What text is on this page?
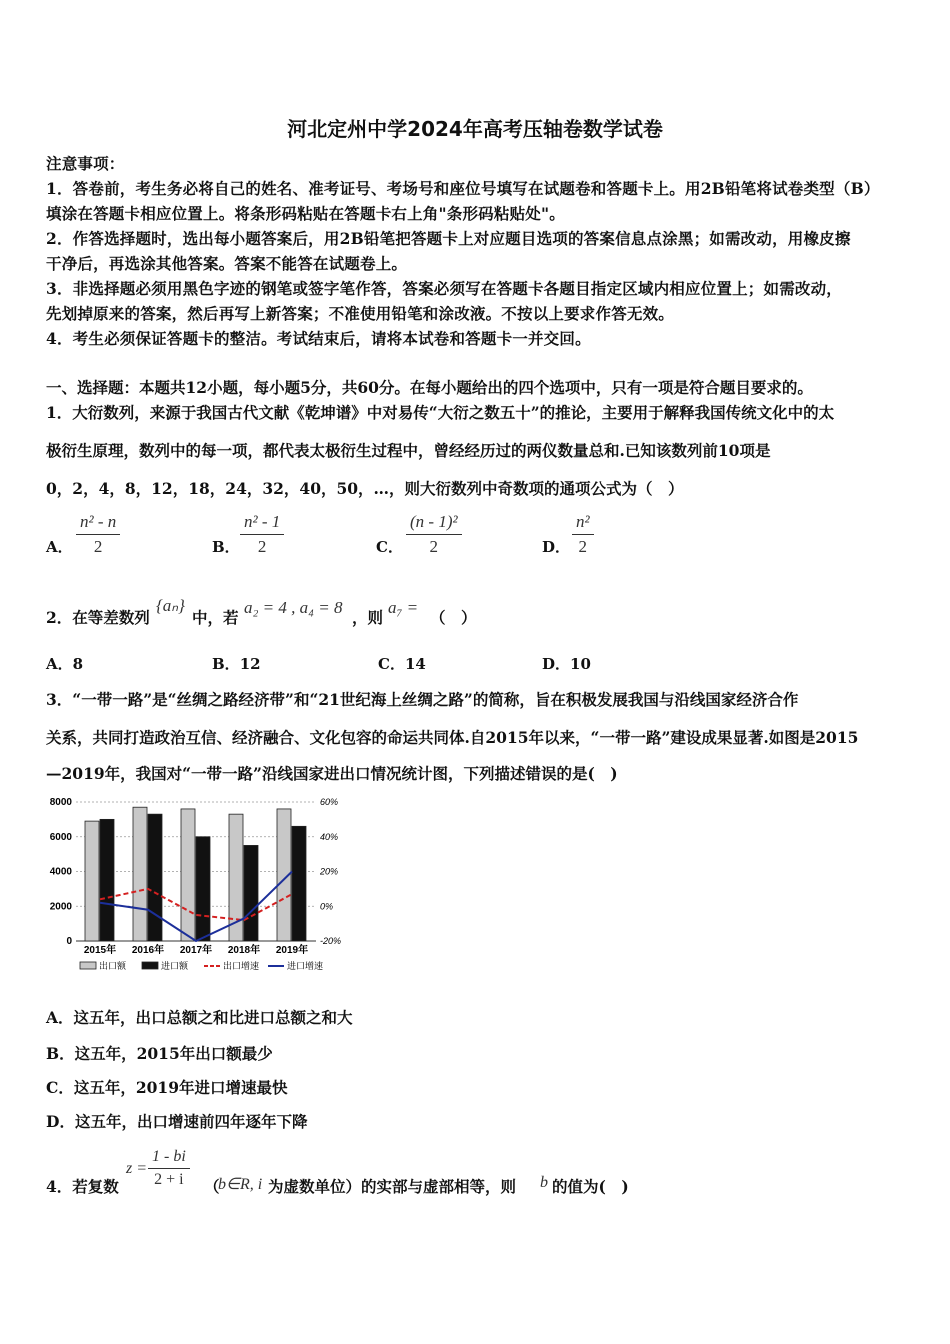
河北定州中学2024年高考压轴卷数学试卷
注意事项：
1．答卷前，考生务必将自己的姓名、准考证号、考场号和座位号填写在试题卷和答题卡上。用2B铅笔将试卷类型（B）
填涂在答题卡相应位置上。将条形码粘贴在答题卡右上角"条形码粘贴处"。
2．作答选择题时，选出每小题答案后，用2B铅笔把答题卡上对应题目选项的答案信息点涂黑；如需改动，用橡皮擦
干净后，再选涂其他答案。答案不能答在试题卷上。
3．非选择题必须用黑色字迹的钢笔或签字笔作答，答案必须写在答题卡各题目指定区域内相应位置上；如需改动，
先划掉原来的答案，然后再写上新答案；不准使用铅笔和涂改液。不按以上要求作答无效。
4．考生必须保证答题卡的整洁。考试结束后，请将本试卷和答题卡一并交回。
一、选择题：本题共12小题，每小题5分，共60分。在每小题给出的四个选项中，只有一项是符合题目要求的。
1．大衍数列，来源于我国古代文献《乾坤谱》中对易传“大衍之数五十”的推论，主要用于解释我国传统文化中的太
极衍生原理，数列中的每一项，都代表太极衍生过程中，曾经经历过的两仪数量总和.已知该数列前10项是
0，2，4，8，12，18，24，32，40，50，…，则大衍数列中奇数项的通项公式为（　）
A． $\frac{\text{n² - n}}{2}$	B． $\frac{\text{n² - 1}}{2}$	C． $\frac{\text{(n - 1)²}}{2}$	D． $\frac{\text{n²}}{2}$
2．在等差数列
{aₙ}
中，若
a₂ = 4 , a₄ = 8
，则
a₇ =
（　）
A．8	B．12	C．14	D．10
3．“一带一路”是“丝绸之路经济带”和“21世纪海上丝绸之路”的简称，旨在积极发展我国与沿线国家经济合作
关系，共同打造政治互信、经济融合、文化包容的命运共同体.自2015年以来，“一带一路”建设成果显著.如图是2015
—2019年，我国对“一带一路”沿线国家进出口情况统计图，下列描述错误的是(　)
8000
6000
4000
2000
0
60%
40%
20%
0%
-20%
2015年 2016年 2017年 2018年 2019年
出口额	进口额	出口增速	进口增速
A．这五年，出口总额之和比进口总额之和大
B．这五年，2015年出口额最少
C．这五年，2019年进口增速最快
D．这五年，出口增速前四年逐年下降
4．若复数
$z = \frac{1 - bi}{2 + i}$ （
b∈R, i 为虚数单位）的实部与虚部相等，则 b 的值为(　)
